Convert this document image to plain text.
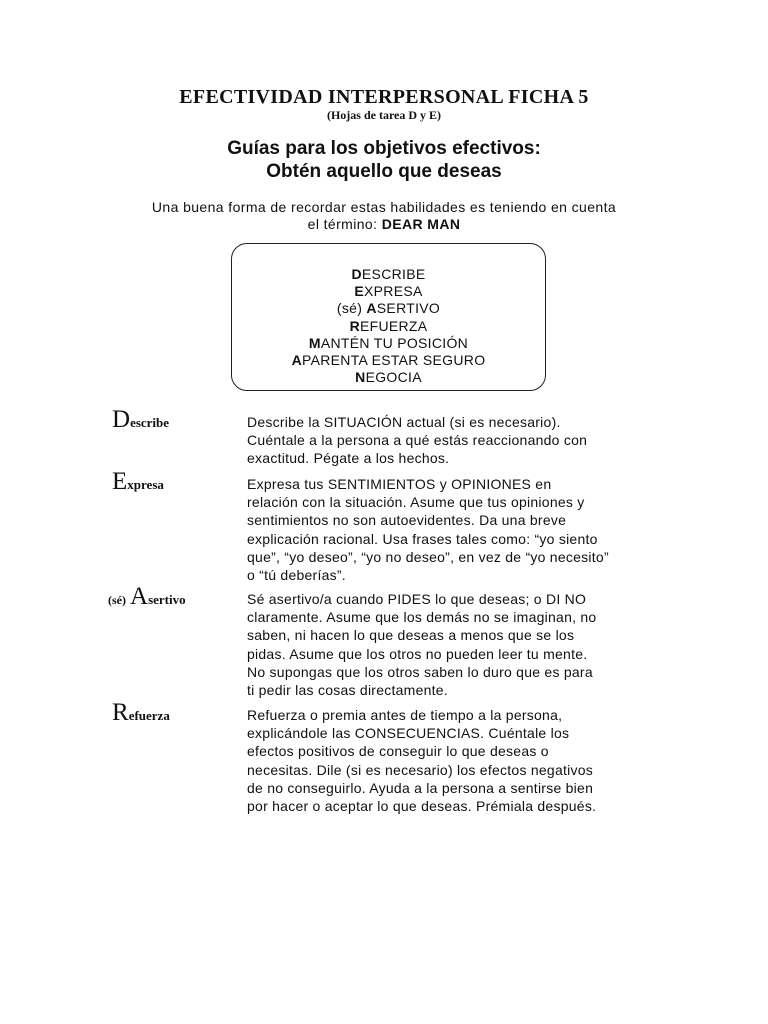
EFECTIVIDAD INTERPERSONAL FICHA 5
(Hojas de tarea D y E)
Guías para los objetivos efectivos:
Obtén aquello que deseas
Una buena forma de recordar estas habilidades es teniendo en cuenta
el término: DEAR MAN
DESCRIBE
EXPRESA
(sé) ASERTIVO
REFUERZA
MANTÉN TU POSICIÓN
APARENTA ESTAR SEGURO
NEGOCIA
Describe	Describe la SITUACIÓN actual (si es necesario).
Cuéntale a la persona a qué estás reaccionando con
exactitud. Pégate a los hechos.
Expresa	Expresa tus SENTIMIENTOS y OPINIONES en
relación con la situación. Asume que tus opiniones y
sentimientos no son autoevidentes. Da una breve
explicación racional. Usa frases tales como: “yo siento
que”, “yo deseo”, “yo no deseo”, en vez de “yo necesito”
o “tú deberías”.
(sé) Asertivo	Sé asertivo/a cuando PIDES lo que deseas; o DI NO
claramente. Asume que los demás no se imaginan, no
saben, ni hacen lo que deseas a menos que se los
pidas. Asume que los otros no pueden leer tu mente.
No supongas que los otros saben lo duro que es para
ti pedir las cosas directamente.
Refuerza	Refuerza o premia antes de tiempo a la persona,
explicándole las CONSECUENCIAS. Cuéntale los
efectos positivos de conseguir lo que deseas o
necesitas. Dile (si es necesario) los efectos negativos
de no conseguirlo. Ayuda a la persona a sentirse bien
por hacer o aceptar lo que deseas. Prémiala después.
